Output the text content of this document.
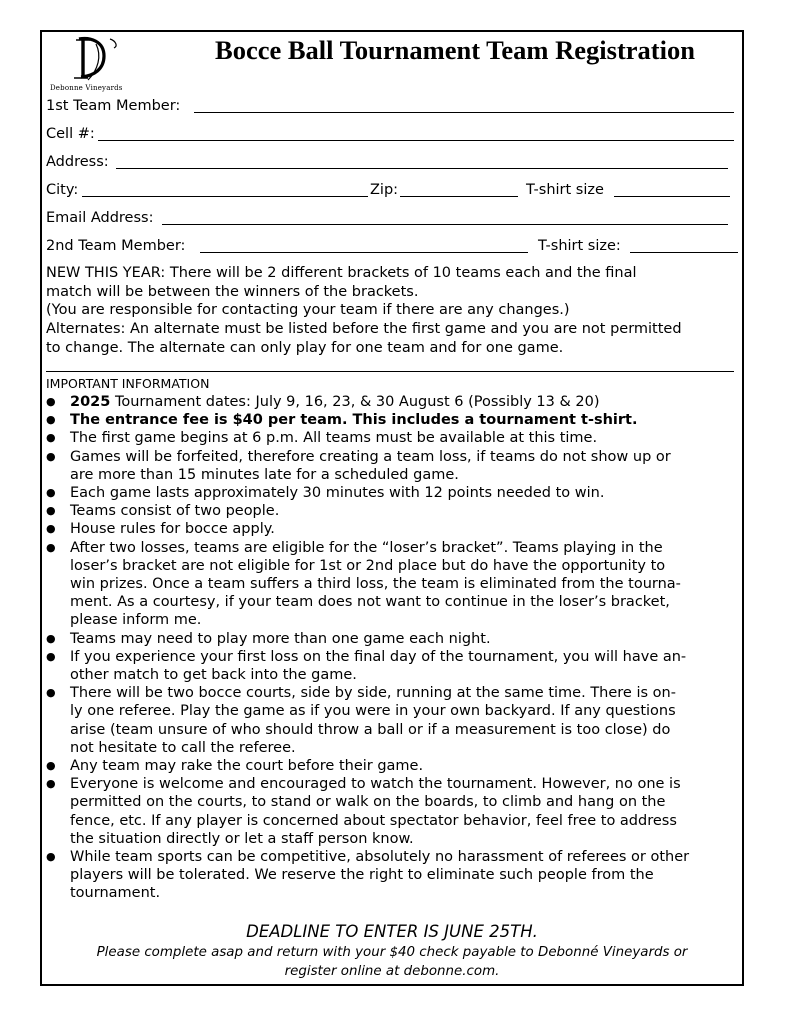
Debonne Vineyards
Bocce Ball Tournament Team Registration
1st Team Member:
Cell #:
Address:
City:	Zip:	T-shirt size
Email Address:
2nd Team Member:	T-shirt size:
NEW THIS YEAR: There will be 2 different brackets of 10 teams each and the final
match will be between the winners of the brackets.
(You are responsible for contacting your team if there are any changes.)
Alternates: An alternate must be listed before the first game and you are not permitted
to change. The alternate can only play for one team and for one game.
IMPORTANT INFORMATION
● 2025 Tournament dates: July 9, 16, 23, & 30 August 6 (Possibly 13 & 20)
● The entrance fee is $40 per team. This includes a tournament t-shirt.
● The first game begins at 6 p.m. All teams must be available at this time.
● Games will be forfeited, therefore creating a team loss, if teams do not show up or
are more than 15 minutes late for a scheduled game.
● Each game lasts approximately 30 minutes with 12 points needed to win.
● Teams consist of two people.
● House rules for bocce apply.
● After two losses, teams are eligible for the “loser’s bracket”. Teams playing in the
loser’s bracket are not eligible for 1st or 2nd place but do have the opportunity to
win prizes. Once a team suffers a third loss, the team is eliminated from the tourna-
ment. As a courtesy, if your team does not want to continue in the loser’s bracket,
please inform me.
● Teams may need to play more than one game each night.
● If you experience your first loss on the final day of the tournament, you will have an-
other match to get back into the game.
● There will be two bocce courts, side by side, running at the same time. There is on-
ly one referee. Play the game as if you were in your own backyard. If any questions
arise (team unsure of who should throw a ball or if a measurement is too close) do
not hesitate to call the referee.
● Any team may rake the court before their game.
● Everyone is welcome and encouraged to watch the tournament. However, no one is
permitted on the courts, to stand or walk on the boards, to climb and hang on the
fence, etc. If any player is concerned about spectator behavior, feel free to address
the situation directly or let a staff person know.
● While team sports can be competitive, absolutely no harassment of referees or other
players will be tolerated. We reserve the right to eliminate such people from the
tournament.
DEADLINE TO ENTER IS JUNE 25TH.
Please complete asap and return with your $40 check payable to Debonné Vineyards or
register online at debonne.com.
